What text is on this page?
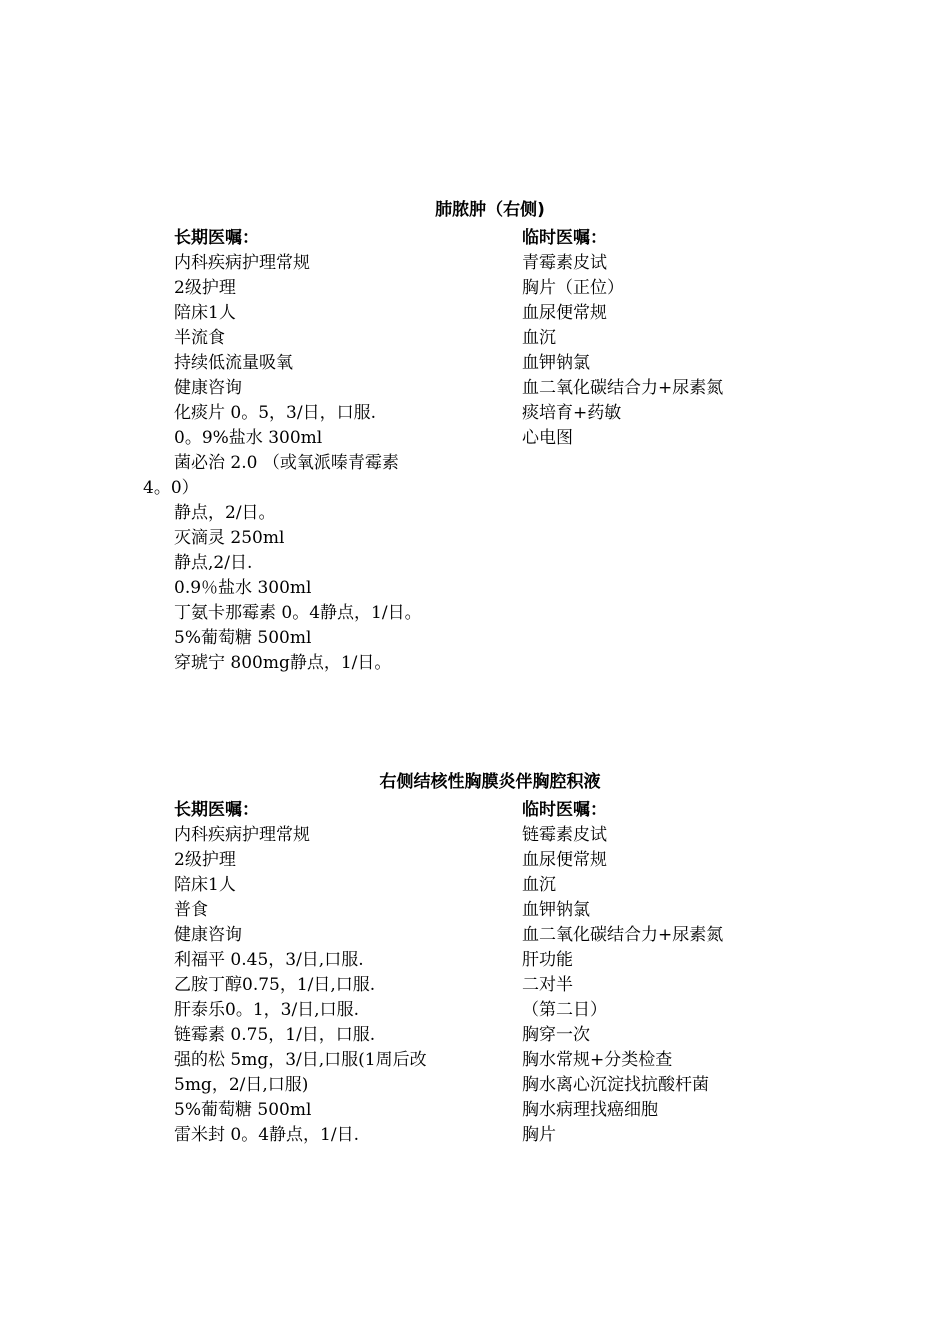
肺脓肿（右侧)
长期医嘱：
内科疾病护理常规
2级护理
陪床1人
半流食
持续低流量吸氧
健康咨询
化痰片 0。5，3/日，口服.
0。9%盐水 300ml
菌必治 2.0 （或氧派嗪青霉素
4。0）
静点，2/日。
灭滴灵 250ml
静点,2/日.
0.9％盐水 300ml
丁氨卡那霉素 0。4静点，1/日。
5%葡萄糖 500ml
穿琥宁 800mg静点，1/日。
临时医嘱：
青霉素皮试
胸片（正位）
血尿便常规
血沉
血钾钠氯
血二氧化碳结合力+尿素氮
痰培育+药敏
心电图
右侧结核性胸膜炎伴胸腔积液
长期医嘱：
内科疾病护理常规
2级护理
陪床1人
普食
健康咨询
利福平 0.45，3/日,口服.
乙胺丁醇0.75，1/日,口服.
肝泰乐0。1，3/日,口服.
链霉素 0.75，1/日，口服.
强的松 5mg，3/日,口服(1周后改
5mg，2/日,口服)
5%葡萄糖 500ml
雷米封 0。4静点，1/日.
临时医嘱：
链霉素皮试
血尿便常规
血沉
血钾钠氯
血二氧化碳结合力+尿素氮
肝功能
二对半
（第二日）
胸穿一次
胸水常规+分类检查
胸水离心沉淀找抗酸杆菌
胸水病理找癌细胞
胸片
